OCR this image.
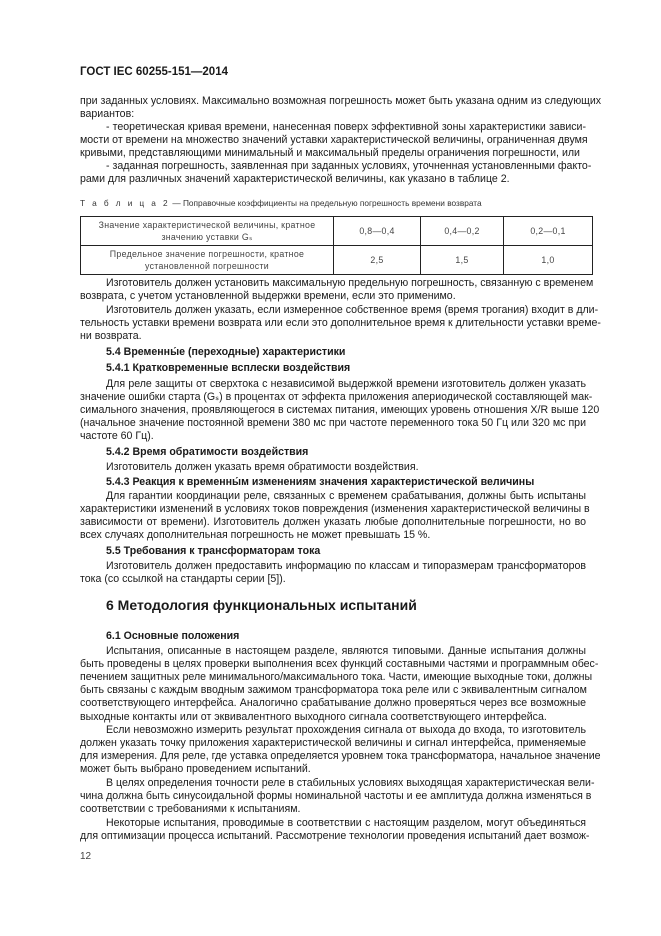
ГОСТ IEC 60255-151—2014
Т а б л и ц а 2 — Поправочные коэффициенты на предельную погрешность времени возврата
Значение характеристической величины, кратное значению уставки Gₛ	0,8—0,4	0,4—0,2	0,2—0,1
Предельное значение погрешности, кратное установленной погрешности	2,5	1,5	1,0
12
при заданных условиях. Максимально возможная погрешность может быть указана одним из следующих
вариантов:
- теоретическая кривая времени, нанесенная поверх эффективной зоны характеристики зависи-
мости от времени на множество значений уставки характеристической величины, ограниченная двумя
кривыми, представляющими минимальный и максимальный пределы ограничения погрешности, или
- заданная погрешность, заявленная при заданных условиях, уточненная установленными факто-
рами для различных значений характеристической величины, как указано в таблице 2.
Изготовитель должен установить максимальную предельную погрешность, связанную с временем
возврата, с учетом установленной выдержки времени, если это применимо.
Изготовитель должен указать, если измеренное собственное время (время трогания) входит в дли-
тельность уставки времени возврата или если это дополнительное время к длительности уставки време-
ни возврата.
5.4 Временны́е (переходные) характеристики
5.4.1 Кратковременные всплески воздействия
Для реле защиты от сверхтока с независимой выдержкой времени изготовитель должен указать
значение ошибки старта (Gₛ) в процентах от эффекта приложения апериодической составляющей мак-
симального значения, проявляющегося в системах питания, имеющих уровень отношения X/R выше 120
(начальное значение постоянной времени 380 мс при частоте переменного тока 50 Гц или 320 мс при
частоте 60 Гц).
5.4.2 Время обратимости воздействия
Изготовитель должен указать время обратимости воздействия.
5.4.3 Реакция к временны́м изменениям значения характеристической величины
Для гарантии координации реле, связанных с временем срабатывания, должны быть испытаны
характеристики изменений в условиях токов повреждения (изменения характеристической величины в
зависимости от времени). Изготовитель должен указать любые дополнительные погрешности, но во
всех случаях дополнительная погрешность не может превышать 15 %.
5.5 Требования к трансформаторам тока
Изготовитель должен предоставить информацию по классам и типоразмерам трансформаторов
тока (со ссылкой на стандарты серии [5]).
6 Методология функциональных испытаний
6.1 Основные положения
Испытания, описанные в настоящем разделе, являются типовыми. Данные испытания должны
быть проведены в целях проверки выполнения всех функций составными частями и программным обес-
печением защитных реле минимального/максимального тока. Части, имеющие выходные токи, должны
быть связаны с каждым вводным зажимом трансформатора тока реле или с эквивалентным сигналом
соответствующего интерфейса. Аналогично срабатывание должно проверяться через все возможные
выходные контакты или от эквивалентного выходного сигнала соответствующего интерфейса.
Если невозможно измерить результат прохождения сигнала от выхода до входа, то изготовитель
должен указать точку приложения характеристической величины и сигнал интерфейса, применяемые
для измерения. Для реле, где уставка определяется уровнем тока трансформатора, начальное значение
может быть выбрано проведением испытаний.
В целях определения точности реле в стабильных условиях выходящая характеристическая вели-
чина должна быть синусоидальной формы номинальной частоты и ее амплитуда должна изменяться в
соответствии с требованиями к испытаниям.
Некоторые испытания, проводимые в соответствии с настоящим разделом, могут объединяться
для оптимизации процесса испытаний. Рассмотрение технологии проведения испытаний дает возмож-
